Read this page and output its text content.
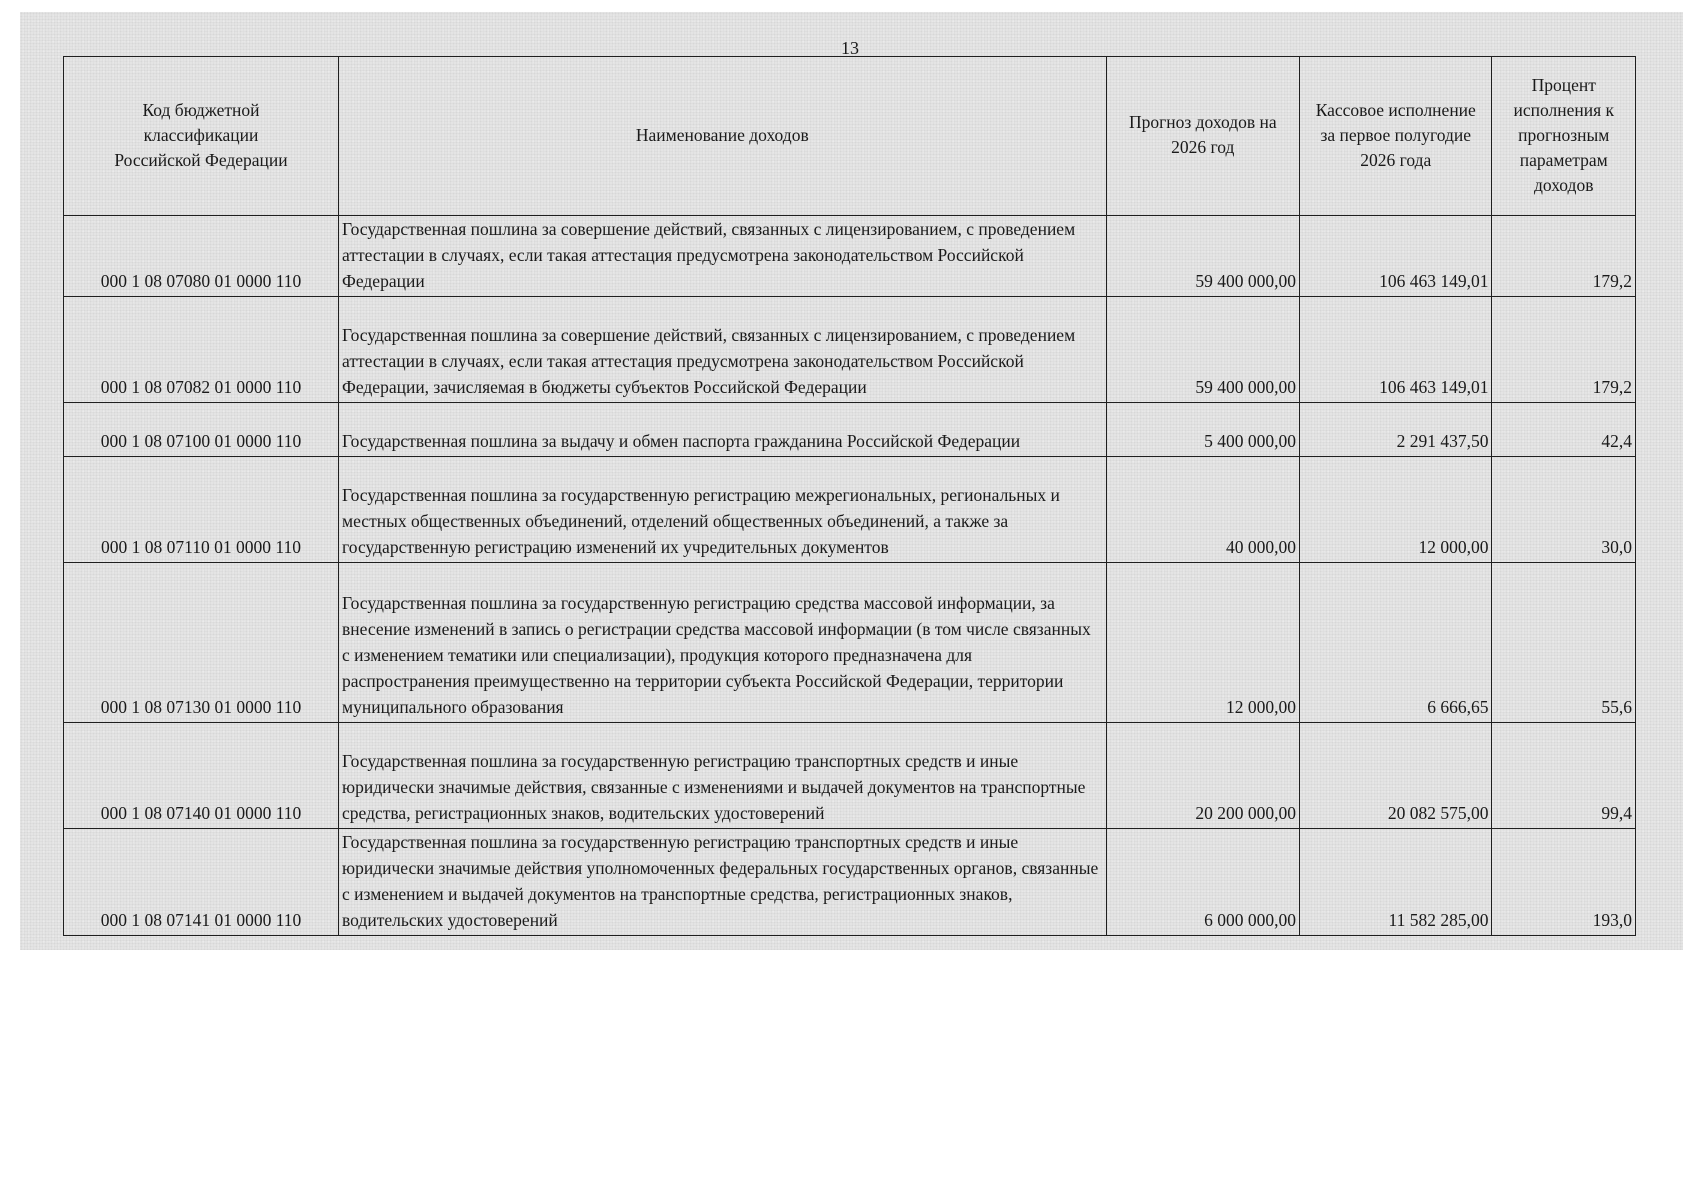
13
Код бюджетной классификации Российской Федерации	Наименование доходов	Прогноз доходов на 2026 год	Кассовое исполнение за первое полугодие 2026 года	Процент исполнения к прогнозным параметрам доходов

000 1 08 07080 01 0000 110	Государственная пошлина за совершение действий, связанных с лицензированием, с проведением аттестации в случаях, если такая аттестация предусмотрена законодательством Российской Федерации	59 400 000,00	106 463 149,01	179,2
000 1 08 07082 01 0000 110	Государственная пошлина за совершение действий, связанных с лицензированием, с проведением аттестации в случаях, если такая аттестация предусмотрена законодательством Российской Федерации, зачисляемая в бюджеты субъектов Российской Федерации	59 400 000,00	106 463 149,01	179,2
000 1 08 07100 01 0000 110	Государственная пошлина за выдачу и обмен паспорта гражданина Российской Федерации	5 400 000,00	2 291 437,50	42,4
000 1 08 07110 01 0000 110	Государственная пошлина за государственную регистрацию межрегиональных, региональных и местных общественных объединений, отделений общественных объединений, а также за государственную регистрацию изменений их учредительных документов	40 000,00	12 000,00	30,0
000 1 08 07130 01 0000 110	Государственная пошлина за государственную регистрацию средства массовой информации, за внесение изменений в запись о регистрации средства массовой информации (в том числе связанных с изменением тематики или специализации), продукция которого предназначена для распространения преимущественно на территории субъекта Российской Федерации, территории муниципального образования	12 000,00	6 666,65	55,6
000 1 08 07140 01 0000 110	Государственная пошлина за государственную регистрацию транспортных средств и иные юридически значимые действия, связанные с изменениями и выдачей документов на транспортные средства, регистрационных знаков, водительских удостоверений	20 200 000,00	20 082 575,00	99,4
000 1 08 07141 01 0000 110	Государственная пошлина за государственную регистрацию транспортных средств и иные юридически значимые действия уполномоченных федеральных государственных органов, связанные с изменением и выдачей документов на транспортные средства, регистрационных знаков, водительских удостоверений	6 000 000,00	11 582 285,00	193,0
